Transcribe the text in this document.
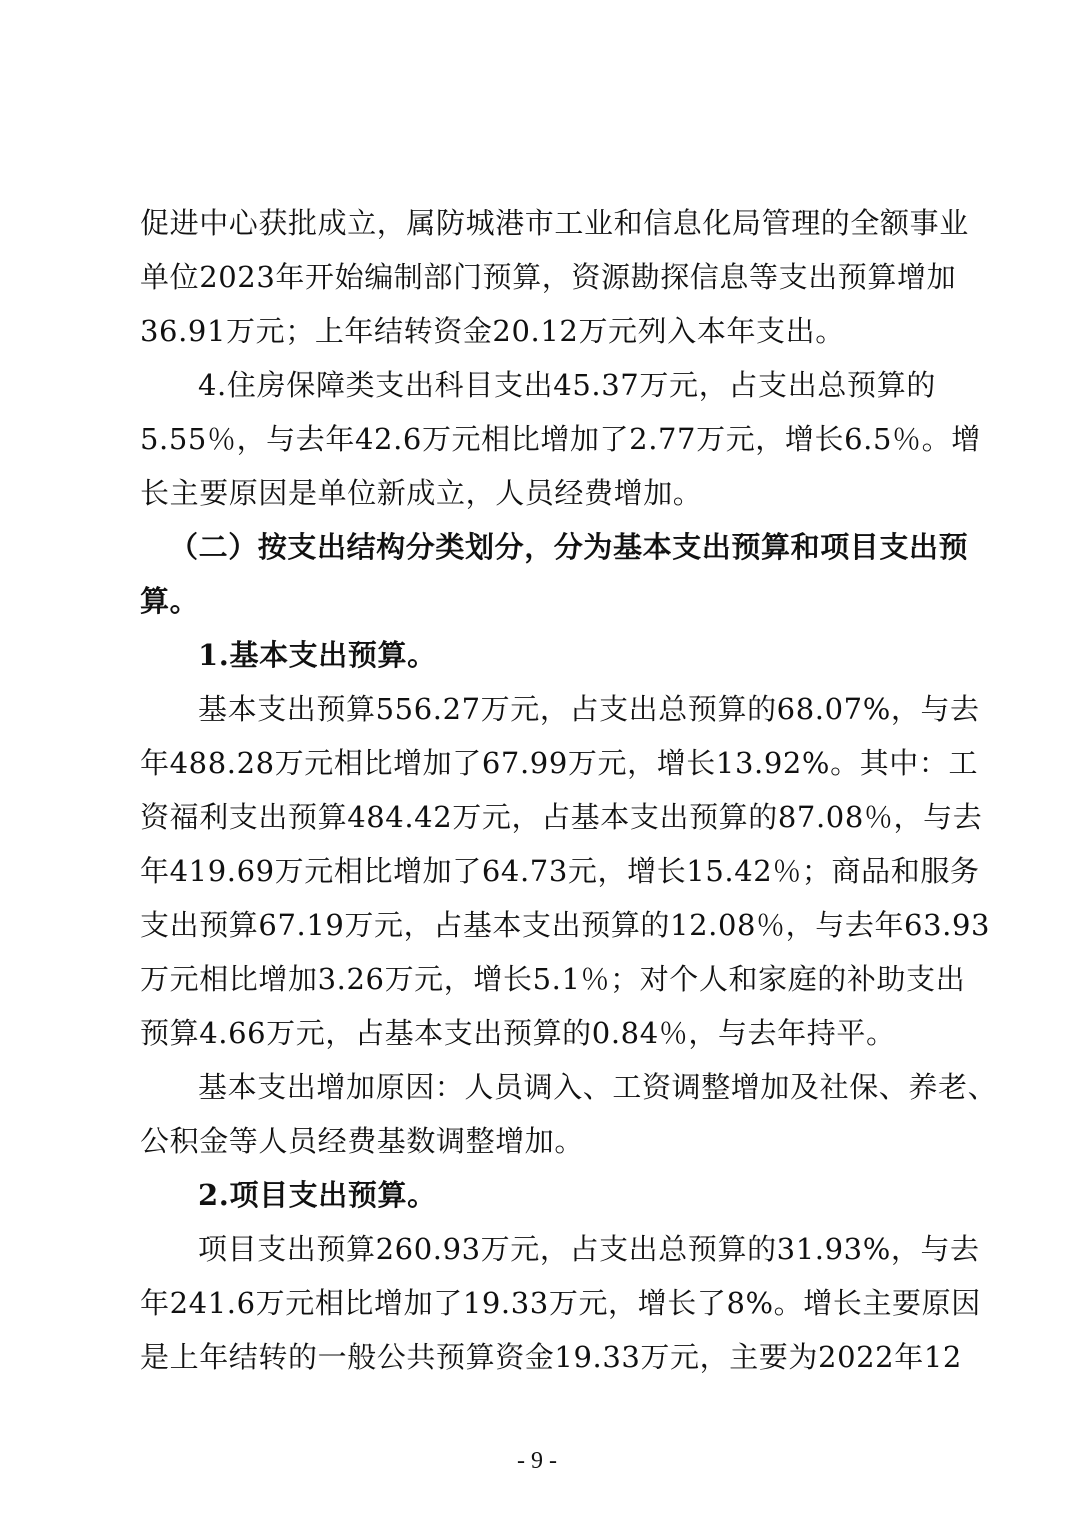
促进中心获批成立，属防城港市工业和信息化局管理的全额事业
单位2023年开始编制部门预算，资源勘探信息等支出预算增加
36.91万元；上年结转资金20.12万元列入本年支出。
4.住房保障类支出科目支出45.37万元，占支出总预算的
5.55％，与去年42.6万元相比增加了2.77万元，增长6.5％。增
长主要原因是单位新成立，人员经费增加。
（二）按支出结构分类划分，分为基本支出预算和项目支出预
算。
1.基本支出预算。
基本支出预算556.27万元，占支出总预算的68.07%，与去
年488.28万元相比增加了67.99万元，增长13.92%。其中：工
资福利支出预算484.42万元，占基本支出预算的87.08％，与去
年419.69万元相比增加了64.73元，增长15.42％；商品和服务
支出预算67.19万元，占基本支出预算的12.08％，与去年63.93
万元相比增加3.26万元，增长5.1％；对个人和家庭的补助支出
预算4.66万元，占基本支出预算的0.84％，与去年持平。
基本支出增加原因：人员调入、工资调整增加及社保、养老、
公积金等人员经费基数调整增加。
2.项目支出预算。
项目支出预算260.93万元，占支出总预算的31.93%，与去
年241.6万元相比增加了19.33万元，增长了8%。增长主要原因
是上年结转的一般公共预算资金19.33万元，主要为2022年12
- 9 -
